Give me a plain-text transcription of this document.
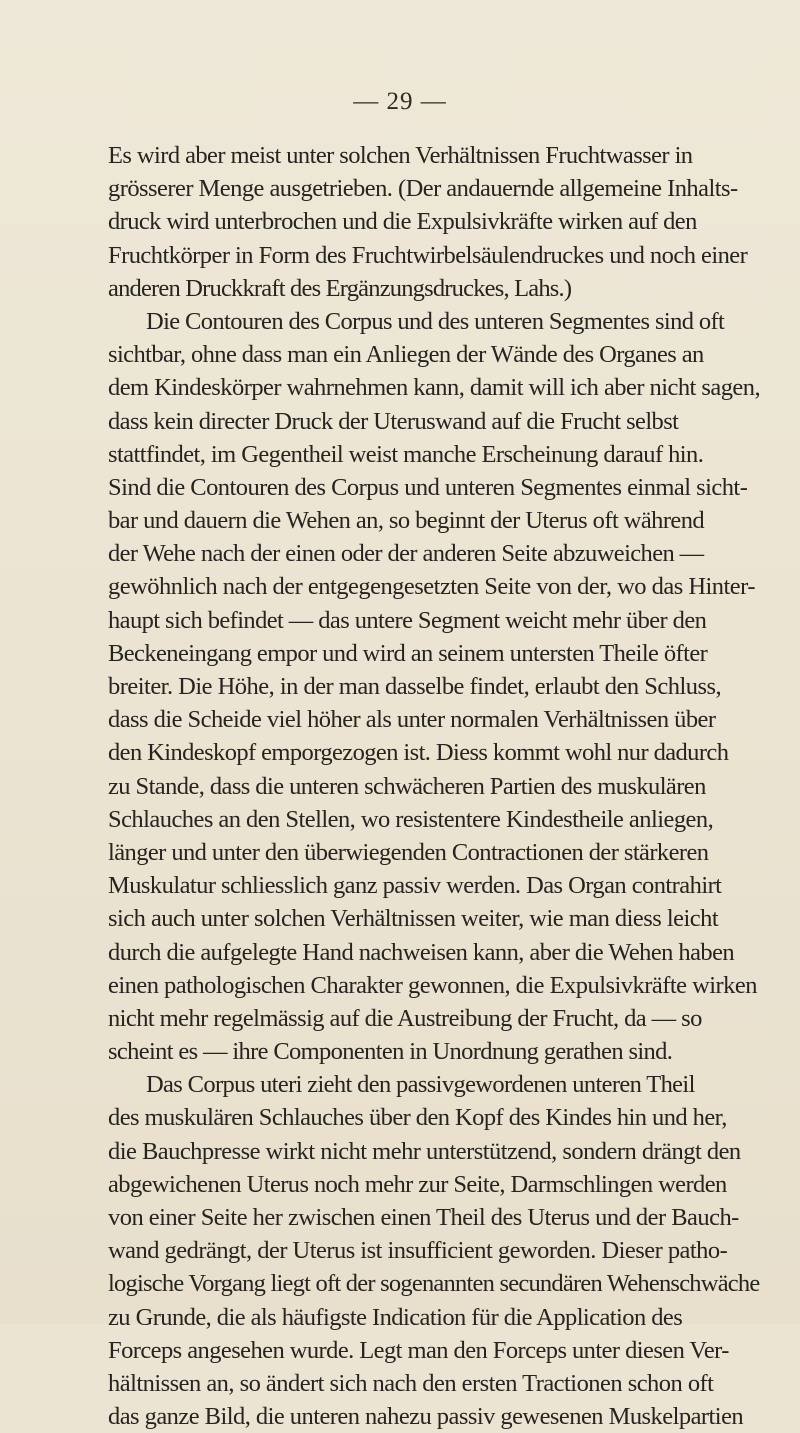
— 29 —
Es wird aber meist unter solchen Verhältnissen Fruchtwasser in
grösserer Menge ausgetrieben. (Der andauernde allgemeine Inhalts-
druck wird unterbrochen und die Expulsivkräfte wirken auf den
Fruchtkörper in Form des Fruchtwirbelsäulendruckes und noch einer
anderen Druckkraft des Ergänzungsdruckes, Lahs.)
Die Contouren des Corpus und des unteren Segmentes sind oft
sichtbar, ohne dass man ein Anliegen der Wände des Organes an
dem Kindeskörper wahrnehmen kann, damit will ich aber nicht sagen,
dass kein directer Druck der Uteruswand auf die Frucht selbst
stattfindet, im Gegentheil weist manche Erscheinung darauf hin.
Sind die Contouren des Corpus und unteren Segmentes einmal sicht-
bar und dauern die Wehen an, so beginnt der Uterus oft während
der Wehe nach der einen oder der anderen Seite abzuweichen —
gewöhnlich nach der entgegengesetzten Seite von der, wo das Hinter-
haupt sich befindet — das untere Segment weicht mehr über den
Beckeneingang empor und wird an seinem untersten Theile öfter
breiter. Die Höhe, in der man dasselbe findet, erlaubt den Schluss,
dass die Scheide viel höher als unter normalen Verhältnissen über
den Kindeskopf emporgezogen ist. Diess kommt wohl nur dadurch
zu Stande, dass die unteren schwächeren Partien des muskulären
Schlauches an den Stellen, wo resistentere Kindestheile anliegen,
länger und unter den überwiegenden Contractionen der stärkeren
Muskulatur schliesslich ganz passiv werden. Das Organ contrahirt
sich auch unter solchen Verhältnissen weiter, wie man diess leicht
durch die aufgelegte Hand nachweisen kann, aber die Wehen haben
einen pathologischen Charakter gewonnen, die Expulsivkräfte wirken
nicht mehr regelmässig auf die Austreibung der Frucht, da — so
scheint es — ihre Componenten in Unordnung gerathen sind.
Das Corpus uteri zieht den passivgewordenen unteren Theil
des muskulären Schlauches über den Kopf des Kindes hin und her,
die Bauchpresse wirkt nicht mehr unterstützend, sondern drängt den
abgewichenen Uterus noch mehr zur Seite, Darmschlingen werden
von einer Seite her zwischen einen Theil des Uterus und der Bauch-
wand gedrängt, der Uterus ist insufficient geworden. Dieser patho-
logische Vorgang liegt oft der sogenannten secundären Wehenschwäche
zu Grunde, die als häufigste Indication für die Application des
Forceps angesehen wurde. Legt man den Forceps unter diesen Ver-
hältnissen an, so ändert sich nach den ersten Tractionen schon oft
das ganze Bild, die unteren nahezu passiv gewesenen Muskelpartien
